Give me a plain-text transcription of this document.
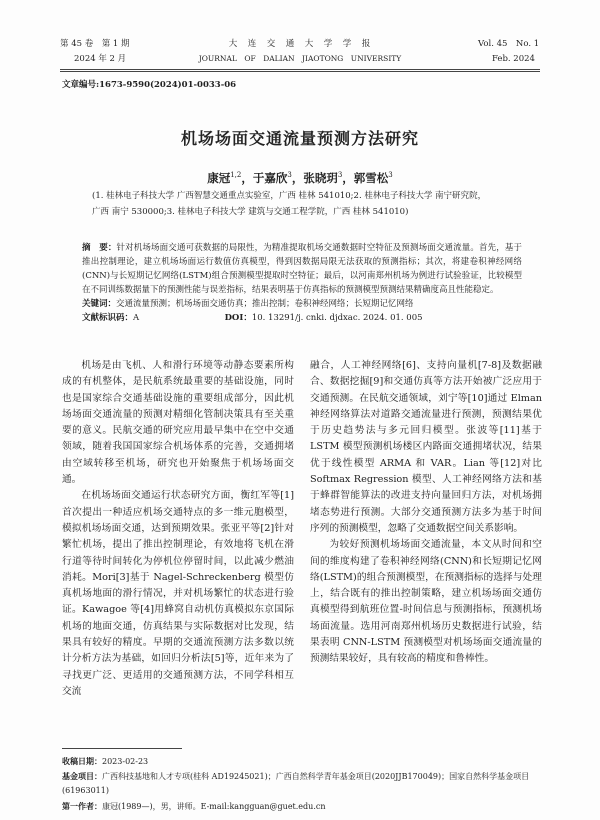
第 45 卷　第 1 期
2024 年 2 月
大　连　交　通　大　学　学　报
JOURNAL　OF　DALIAN　JIAOTONG　UNIVERSITY
Vol. 45　No. 1
Feb. 2024
文章编号:1673-9590(2024)01-0033-06
机场场面交通流量预测方法研究
康冠$^{1,2}$，于嘉欣$^3$，张晓玥$^3$，郭雪松$^3$
(1. 桂林电子科技大学 广西智慧交通重点实验室，广西 桂林 541010;2. 桂林电子科技大学 南宁研究院，
广西 南宁 530000;3. 桂林电子科技大学 建筑与交通工程学院，广西 桂林 541010)
摘　要：针对机场场面交通可获数据的局限性，为精准提取机场交通数据时空特征及预测场面交通流量。首先，基于推出控制理论，建立机场场面运行数值仿真模型，得到因数据局限无法获取的预测指标；其次，将建卷积神经网络(CNN)与长短期记忆网络(LSTM)组合预测模型提取时空特征；最后，以河南郑州机场为例进行试验验证，比较模型在不同训练数据量下的预测性能与误差指标，结果表明基于仿真指标的预测模型预测结果精确度高且性能稳定。
关键词：交通流量预测；机场场面交通仿真；推出控制；卷积神经网络；长短期记忆网络
文献标识码：A	DOI：10. 13291/j. cnki. djdxac. 2024. 01. 005

机场是由飞机、人和滑行环境等动静态要素所构成的有机整体，是民航系统最重要的基础设施，同时也是国家综合交通基础设施的重要组成部分，因此机场场面交通流量的预测对精细化管制决策具有至关重要的意义。民航交通的研究应用最早集中在空中交通领域，随着我国国家综合机场体系的完善，交通拥堵由空域转移至机场，研究也开始聚焦于机场场面交通。

在机场场面交通运行状态研究方面，衡红军等[1]首次提出一种适应机场交通特点的多一维元胞模型，模拟机场场面交通，达到预期效果。张亚平等[2]针对繁忙机场，提出了推出控制理论，有效地将飞机在滑行道等待时间转化为停机位停留时间，以此减少燃油消耗。Mori[3]基于 Nagel-Schreckenberg 模型仿真机场地面的滑行情况，并对机场繁忙的状态进行验证。Kawagoe 等[4]用蜂窝自动机仿真模拟东京国际机场的地面交通，仿真结果与实际数据对比发现，结果具有较好的精度。早期的交通流预测方法多数以统计分析方法为基础，如回归分析法[5]等，近年来为了寻找更广泛、更适用的交通预测方法，不同学科相互交流

融合，人工神经网络[6]、支持向量机[7-8]及数据融合、数据挖掘[9]和交通仿真等方法开始被广泛应用于交通预测。在民航交通领域，刘宁等[10]通过 Elman 神经网络算法对道路交通流量进行预测，预测结果优于历史趋势法与多元回归模型。张波等[11]基于 LSTM 模型预测机场楼区内路面交通拥堵状况，结果优于线性模型 ARMA 和 VAR。Lian 等[12]对比 Softmax Regression 模型、人工神经网络方法和基于蜂群智能算法的改进支持向量回归方法，对机场拥堵态势进行预测。大部分交通预测方法多为基于时间序列的预测模型，忽略了交通数据空间关系影响。

为较好预测机场场面交通流量，本文从时间和空间的维度构建了卷积神经网络(CNN)和长短期记忆网络(LSTM)的组合预测模型，在预测指标的选择与处理上，结合既有的推出控制策略，建立机场场面交通仿真模型得到航班位置-时间信息与预测指标，预测机场场面流量。选用河南郑州机场历史数据进行试验，结果表明 CNN-LSTM 预测模型对机场场面交通流量的预测结果较好，具有较高的精度和鲁棒性。

收稿日期：2023-02-23
基金项目：广西科技基地和人才专项(桂科 AD19245021)；广西自然科学青年基金项目(2020JJB170049)；国家自然科学基金项目(61963011)
第一作者：康冠(1989—)，男，讲师。E-mail:kangguan@guet.edu.cn
